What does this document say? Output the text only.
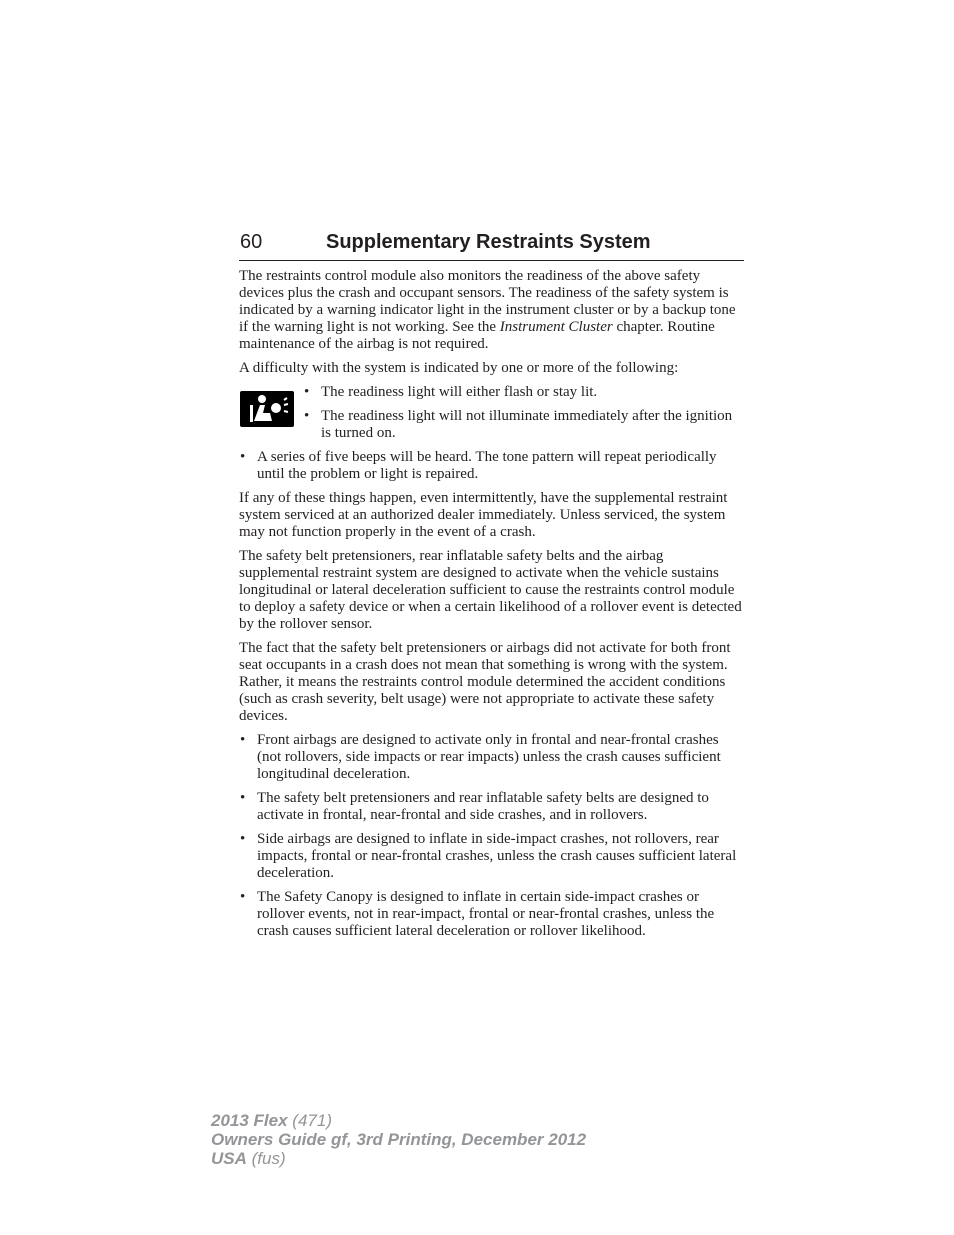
60	Supplementary Restraints System

The restraints control module also monitors the readiness of the above safety devices plus the crash and occupant sensors. The readiness of the safety system is indicated by a warning indicator light in the instrument cluster or by a backup tone if the warning light is not working. See the Instrument Cluster chapter. Routine maintenance of the airbag is not required.

A difficulty with the system is indicated by one or more of the following:

• The readiness light will either flash or stay lit.
• The readiness light will not illuminate immediately after the ignition is turned on.
• A series of five beeps will be heard. The tone pattern will repeat periodically until the problem or light is repaired.

If any of these things happen, even intermittently, have the supplemental restraint system serviced at an authorized dealer immediately. Unless serviced, the system may not function properly in the event of a crash.

The safety belt pretensioners, rear inflatable safety belts and the airbag supplemental restraint system are designed to activate when the vehicle sustains longitudinal or lateral deceleration sufficient to cause the restraints control module to deploy a safety device or when a certain likelihood of a rollover event is detected by the rollover sensor.

The fact that the safety belt pretensioners or airbags did not activate for both front seat occupants in a crash does not mean that something is wrong with the system. Rather, it means the restraints control module determined the accident conditions (such as crash severity, belt usage) were not appropriate to activate these safety devices.

• Front airbags are designed to activate only in frontal and near-frontal crashes (not rollovers, side impacts or rear impacts) unless the crash causes sufficient longitudinal deceleration.
• The safety belt pretensioners and rear inflatable safety belts are designed to activate in frontal, near-frontal and side crashes, and in rollovers.
• Side airbags are designed to inflate in side-impact crashes, not rollovers, rear impacts, frontal or near-frontal crashes, unless the crash causes sufficient lateral deceleration.
• The Safety Canopy is designed to inflate in certain side-impact crashes or rollover events, not in rear-impact, frontal or near-frontal crashes, unless the crash causes sufficient lateral deceleration or rollover likelihood.
2013 Flex (471)
Owners Guide gf, 3rd Printing, December 2012
USA (fus)
